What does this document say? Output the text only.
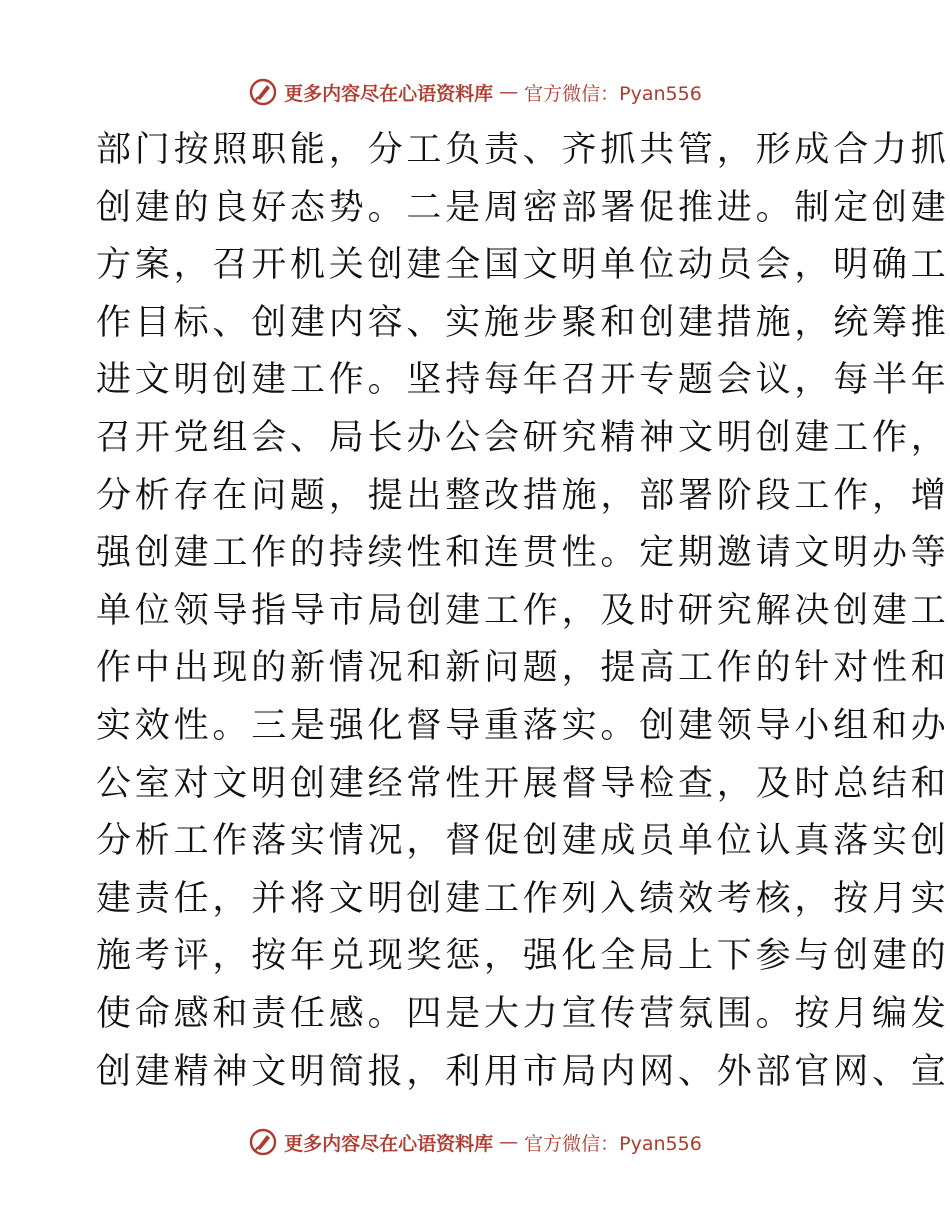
更多内容尽在心语资料库 — 官方微信：Pyan556
部门按照职能，分工负责、齐抓共管，形成合力抓
创建的良好态势。二是周密部署促推进。制定创建
方案，召开机关创建全国文明单位动员会，明确工
作目标、创建内容、实施步聚和创建措施，统筹推
进文明创建工作。坚持每年召开专题会议，每半年
召开党组会、局长办公会研究精神文明创建工作，
分析存在问题，提出整改措施，部署阶段工作，增
强创建工作的持续性和连贯性。定期邀请文明办等
单位领导指导市局创建工作，及时研究解决创建工
作中出现的新情况和新问题，提高工作的针对性和
实效性。三是强化督导重落实。创建领导小组和办
公室对文明创建经常性开展督导检查，及时总结和
分析工作落实情况，督促创建成员单位认真落实创
建责任，并将文明创建工作列入绩效考核，按月实
施考评，按年兑现奖惩，强化全局上下参与创建的
使命感和责任感。四是大力宣传营氛围。按月编发
创建精神文明简报，利用市局内网、外部官网、宣
更多内容尽在心语资料库 — 官方微信：Pyan556
